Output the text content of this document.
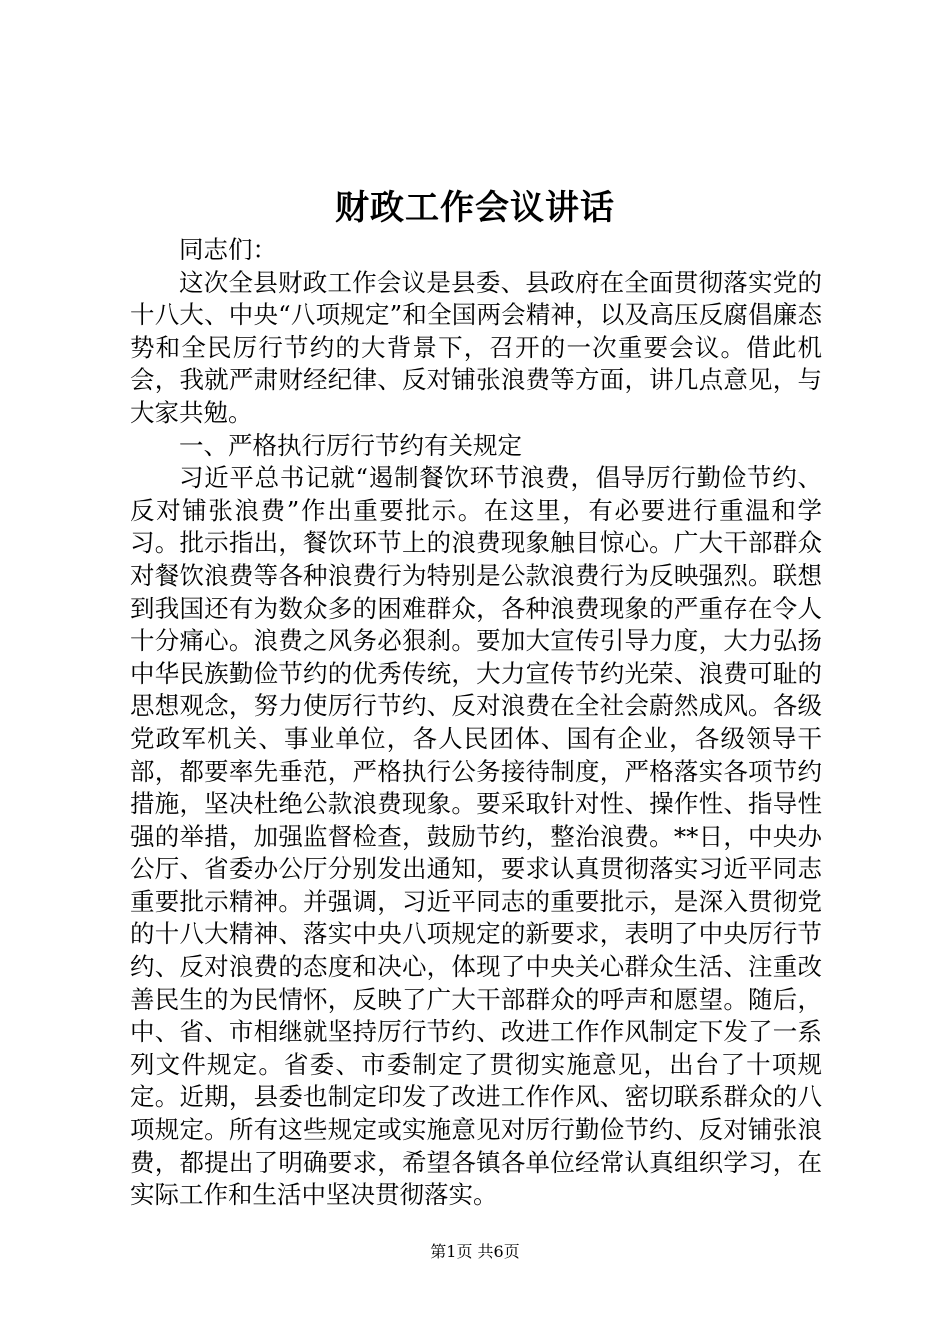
财政工作会议讲话

同志们：

这次全县财政工作会议是县委、县政府在全面贯彻落实党的十八大、中央“八项规定”和全国两会精神，以及高压反腐倡廉态势和全民厉行节约的大背景下，召开的一次重要会议。借此机会，我就严肃财经纪律、反对铺张浪费等方面，讲几点意见，与大家共勉。

一、严格执行厉行节约有关规定

习近平总书记就“遏制餐饮环节浪费，倡导厉行勤俭节约、反对铺张浪费”作出重要批示。在这里，有必要进行重温和学习。批示指出，餐饮环节上的浪费现象触目惊心。广大干部群众对餐饮浪费等各种浪费行为特别是公款浪费行为反映强烈。联想到我国还有为数众多的困难群众，各种浪费现象的严重存在令人十分痛心。浪费之风务必狠刹。要加大宣传引导力度，大力弘扬中华民族勤俭节约的优秀传统，大力宣传节约光荣、浪费可耻的思想观念，努力使厉行节约、反对浪费在全社会蔚然成风。各级党政军机关、事业单位，各人民团体、国有企业，各级领导干部，都要率先垂范，严格执行公务接待制度，严格落实各项节约措施，坚决杜绝公款浪费现象。要采取针对性、操作性、指导性强的举措，加强监督检查，鼓励节约，整治浪费。**日，中央办公厅、省委办公厅分别发出通知，要求认真贯彻落实习近平同志重要批示精神。并强调，习近平同志的重要批示，是深入贯彻党的十八大精神、落实中央八项规定的新要求，表明了中央厉行节约、反对浪费的态度和决心，体现了中央关心群众生活、注重改善民生的为民情怀，反映了广大干部群众的呼声和愿望。随后，中、省、市相继就坚持厉行节约、改进工作作风制定下发了一系列文件规定。省委、市委制定了贯彻实施意见，出台了十项规定。近期，县委也制定印发了改进工作作风、密切联系群众的八项规定。所有这些规定或实施意见对厉行勤俭节约、反对铺张浪费，都提出了明确要求，希望各镇各单位经常认真组织学习，在实际工作和生活中坚决贯彻落实。

第1页 共6页
